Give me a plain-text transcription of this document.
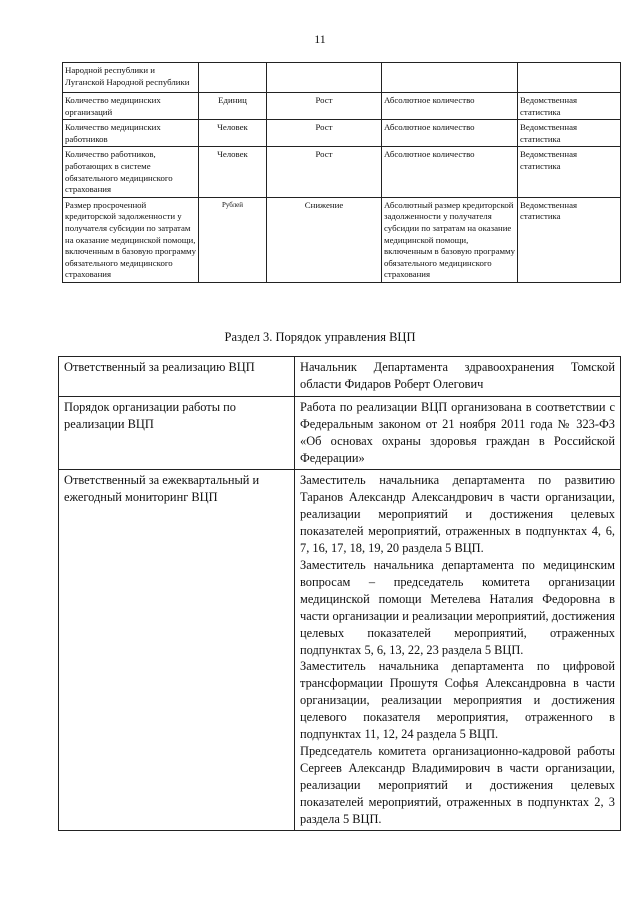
11
Народной республики и Луганской Народной республики				
Количество медицинских организаций	Единиц	Рост	Абсолютное количество	Ведомственная статистика
Количество медицинских работников	Человек	Рост	Абсолютное количество	Ведомственная статистика
Количество работников, работающих в системе обязательного медицинского страхования	Человек	Рост	Абсолютное количество	Ведомственная статистика
Размер просроченной кредиторской задолженности у получателя субсидии по затратам на оказание медицинской помощи, включенным в базовую программу обязательного медицинского страхования	Рублей	Снижение	Абсолютный размер кредиторской задолженности у получателя субсидии по затратам на оказание медицинской помощи, включенным в базовую программу обязательного медицинского страхования	Ведомственная статистика
Раздел 3. Порядок управления ВЦП
Ответственный за реализацию ВЦП	Начальник Департамента здравоохранения Томской области Фидаров Роберт Олегович

Порядок организации работы по реализации ВЦП	Работа по реализации ВЦП организована в соответствии с Федеральным законом от 21 ноября 2011 года № 323-ФЗ «Об основах охраны здоровья граждан в Российской Федерации»

Ответственный за ежеквартальный и ежегодный мониторинг ВЦП	Заместитель начальника департамента по развитию Таранов Александр Александрович в части организации, реализации мероприятий и достижения целевых показателей мероприятий, отраженных в подпунктах 4, 6, 7, 16, 17, 18, 19, 20 раздела 5 ВЦП.
Заместитель начальника департамента по медицинским вопросам – председатель комитета организации медицинской помощи Метелева Наталия Федоровна в части организации и реализации мероприятий, достижения целевых показателей мероприятий, отраженных подпунктах 5, 6, 13, 22, 23 раздела 5 ВЦП.
Заместитель начальника департамента по цифровой трансформации Прошутя Софья Александровна в части организации, реализации мероприятия и достижения целевого показателя мероприятия, отраженного в подпунктах 11, 12, 24 раздела 5 ВЦП.
Председатель комитета организационно-кадровой работы Сергеев Александр Владимирович в части организации, реализации мероприятий и достижения целевых показателей мероприятий, отраженных в подпунктах 2, 3 раздела 5 ВЦП.
